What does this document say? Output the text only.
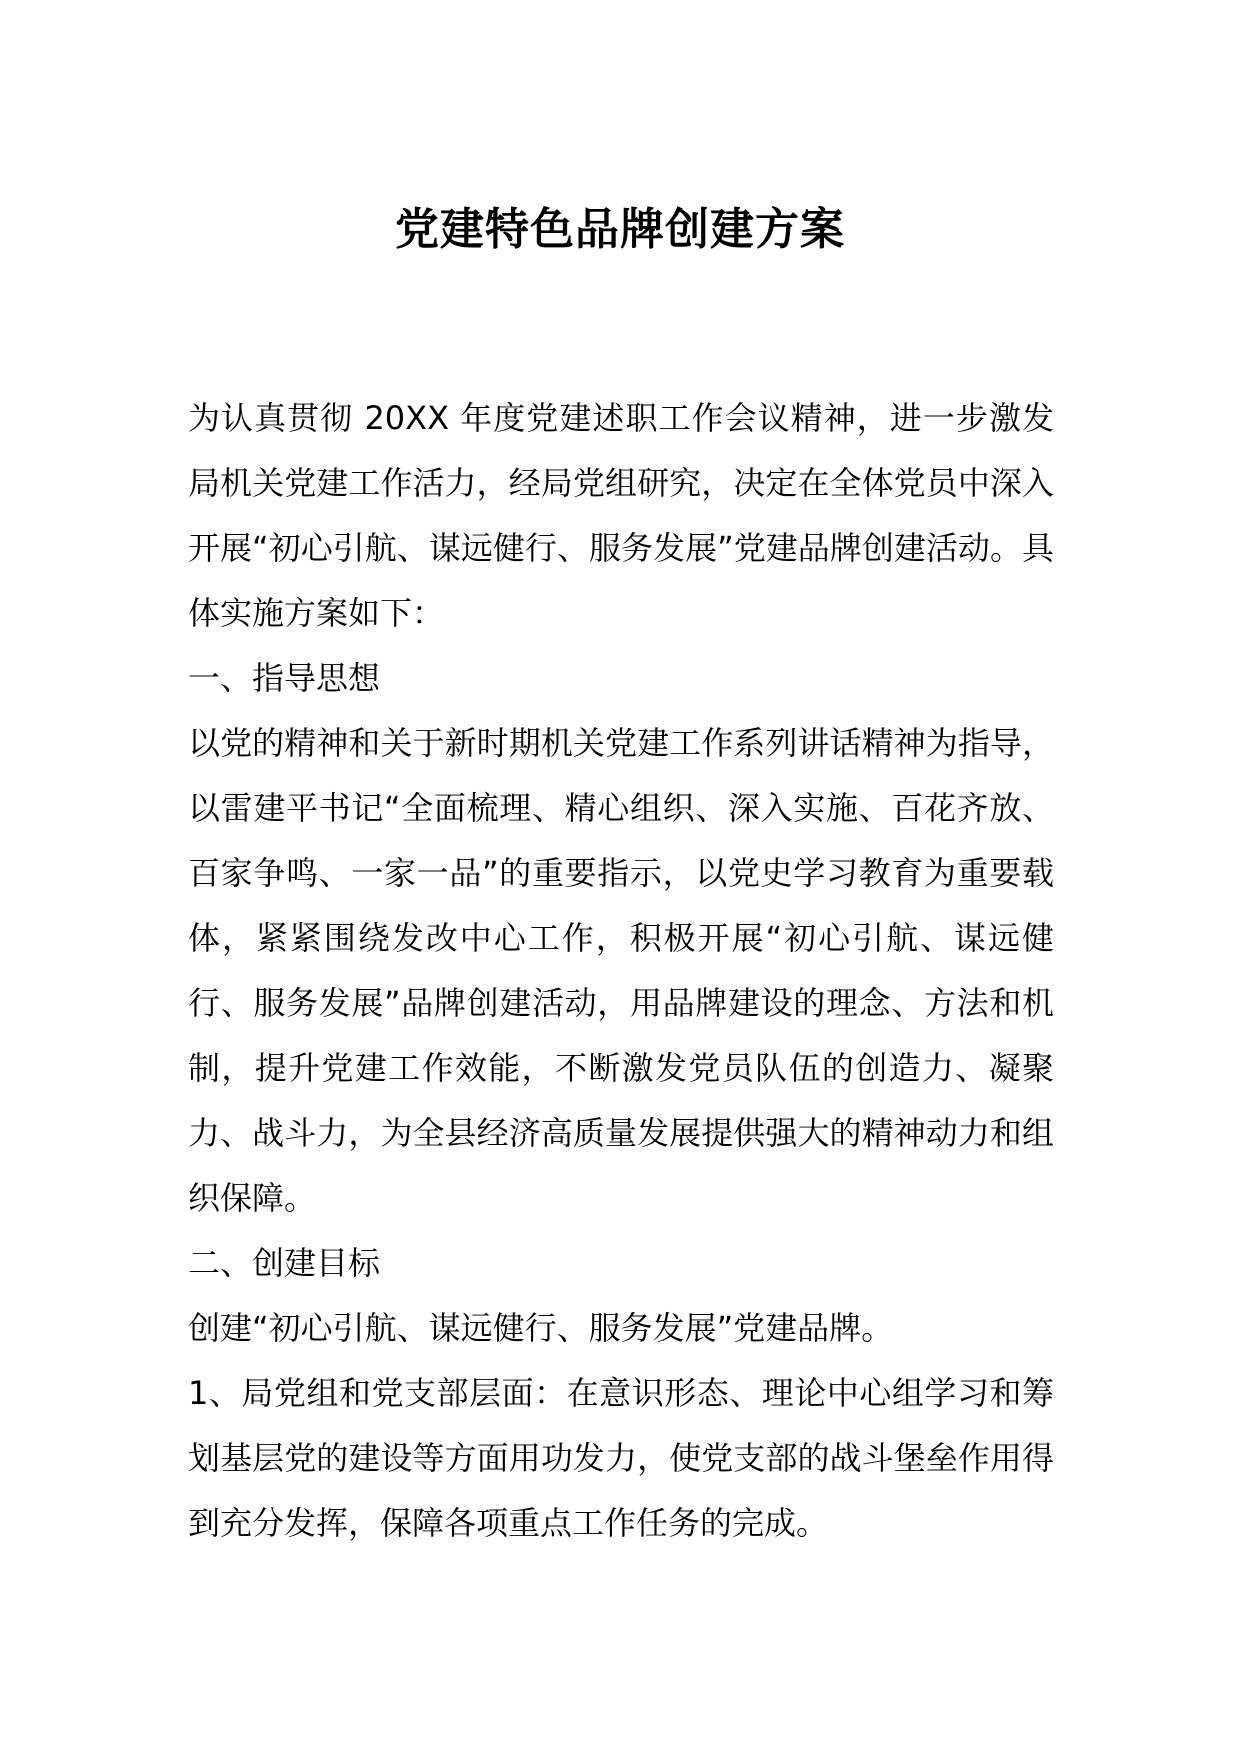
党建特色品牌创建方案

为认真贯彻 20XX 年度党建述职工作会议精神，进一步激发局机关党建工作活力，经局党组研究，决定在全体党员中深入开展“初心引航、谋远健行、服务发展”党建品牌创建活动。具体实施方案如下：

一、指导思想

以党的精神和关于新时期机关党建工作系列讲话精神为指导，以雷建平书记“全面梳理、精心组织、深入实施、百花齐放、百家争鸣、一家一品”的重要指示，以党史学习教育为重要载体，紧紧围绕发改中心工作，积极开展“初心引航、谋远健行、服务发展”品牌创建活动，用品牌建设的理念、方法和机制，提升党建工作效能，不断激发党员队伍的创造力、凝聚力、战斗力，为全县经济高质量发展提供强大的精神动力和组织保障。

二、创建目标

创建“初心引航、谋远健行、服务发展”党建品牌。

1、局党组和党支部层面：在意识形态、理论中心组学习和筹划基层党的建设等方面用功发力，使党支部的战斗堡垒作用得到充分发挥，保障各项重点工作任务的完成。
